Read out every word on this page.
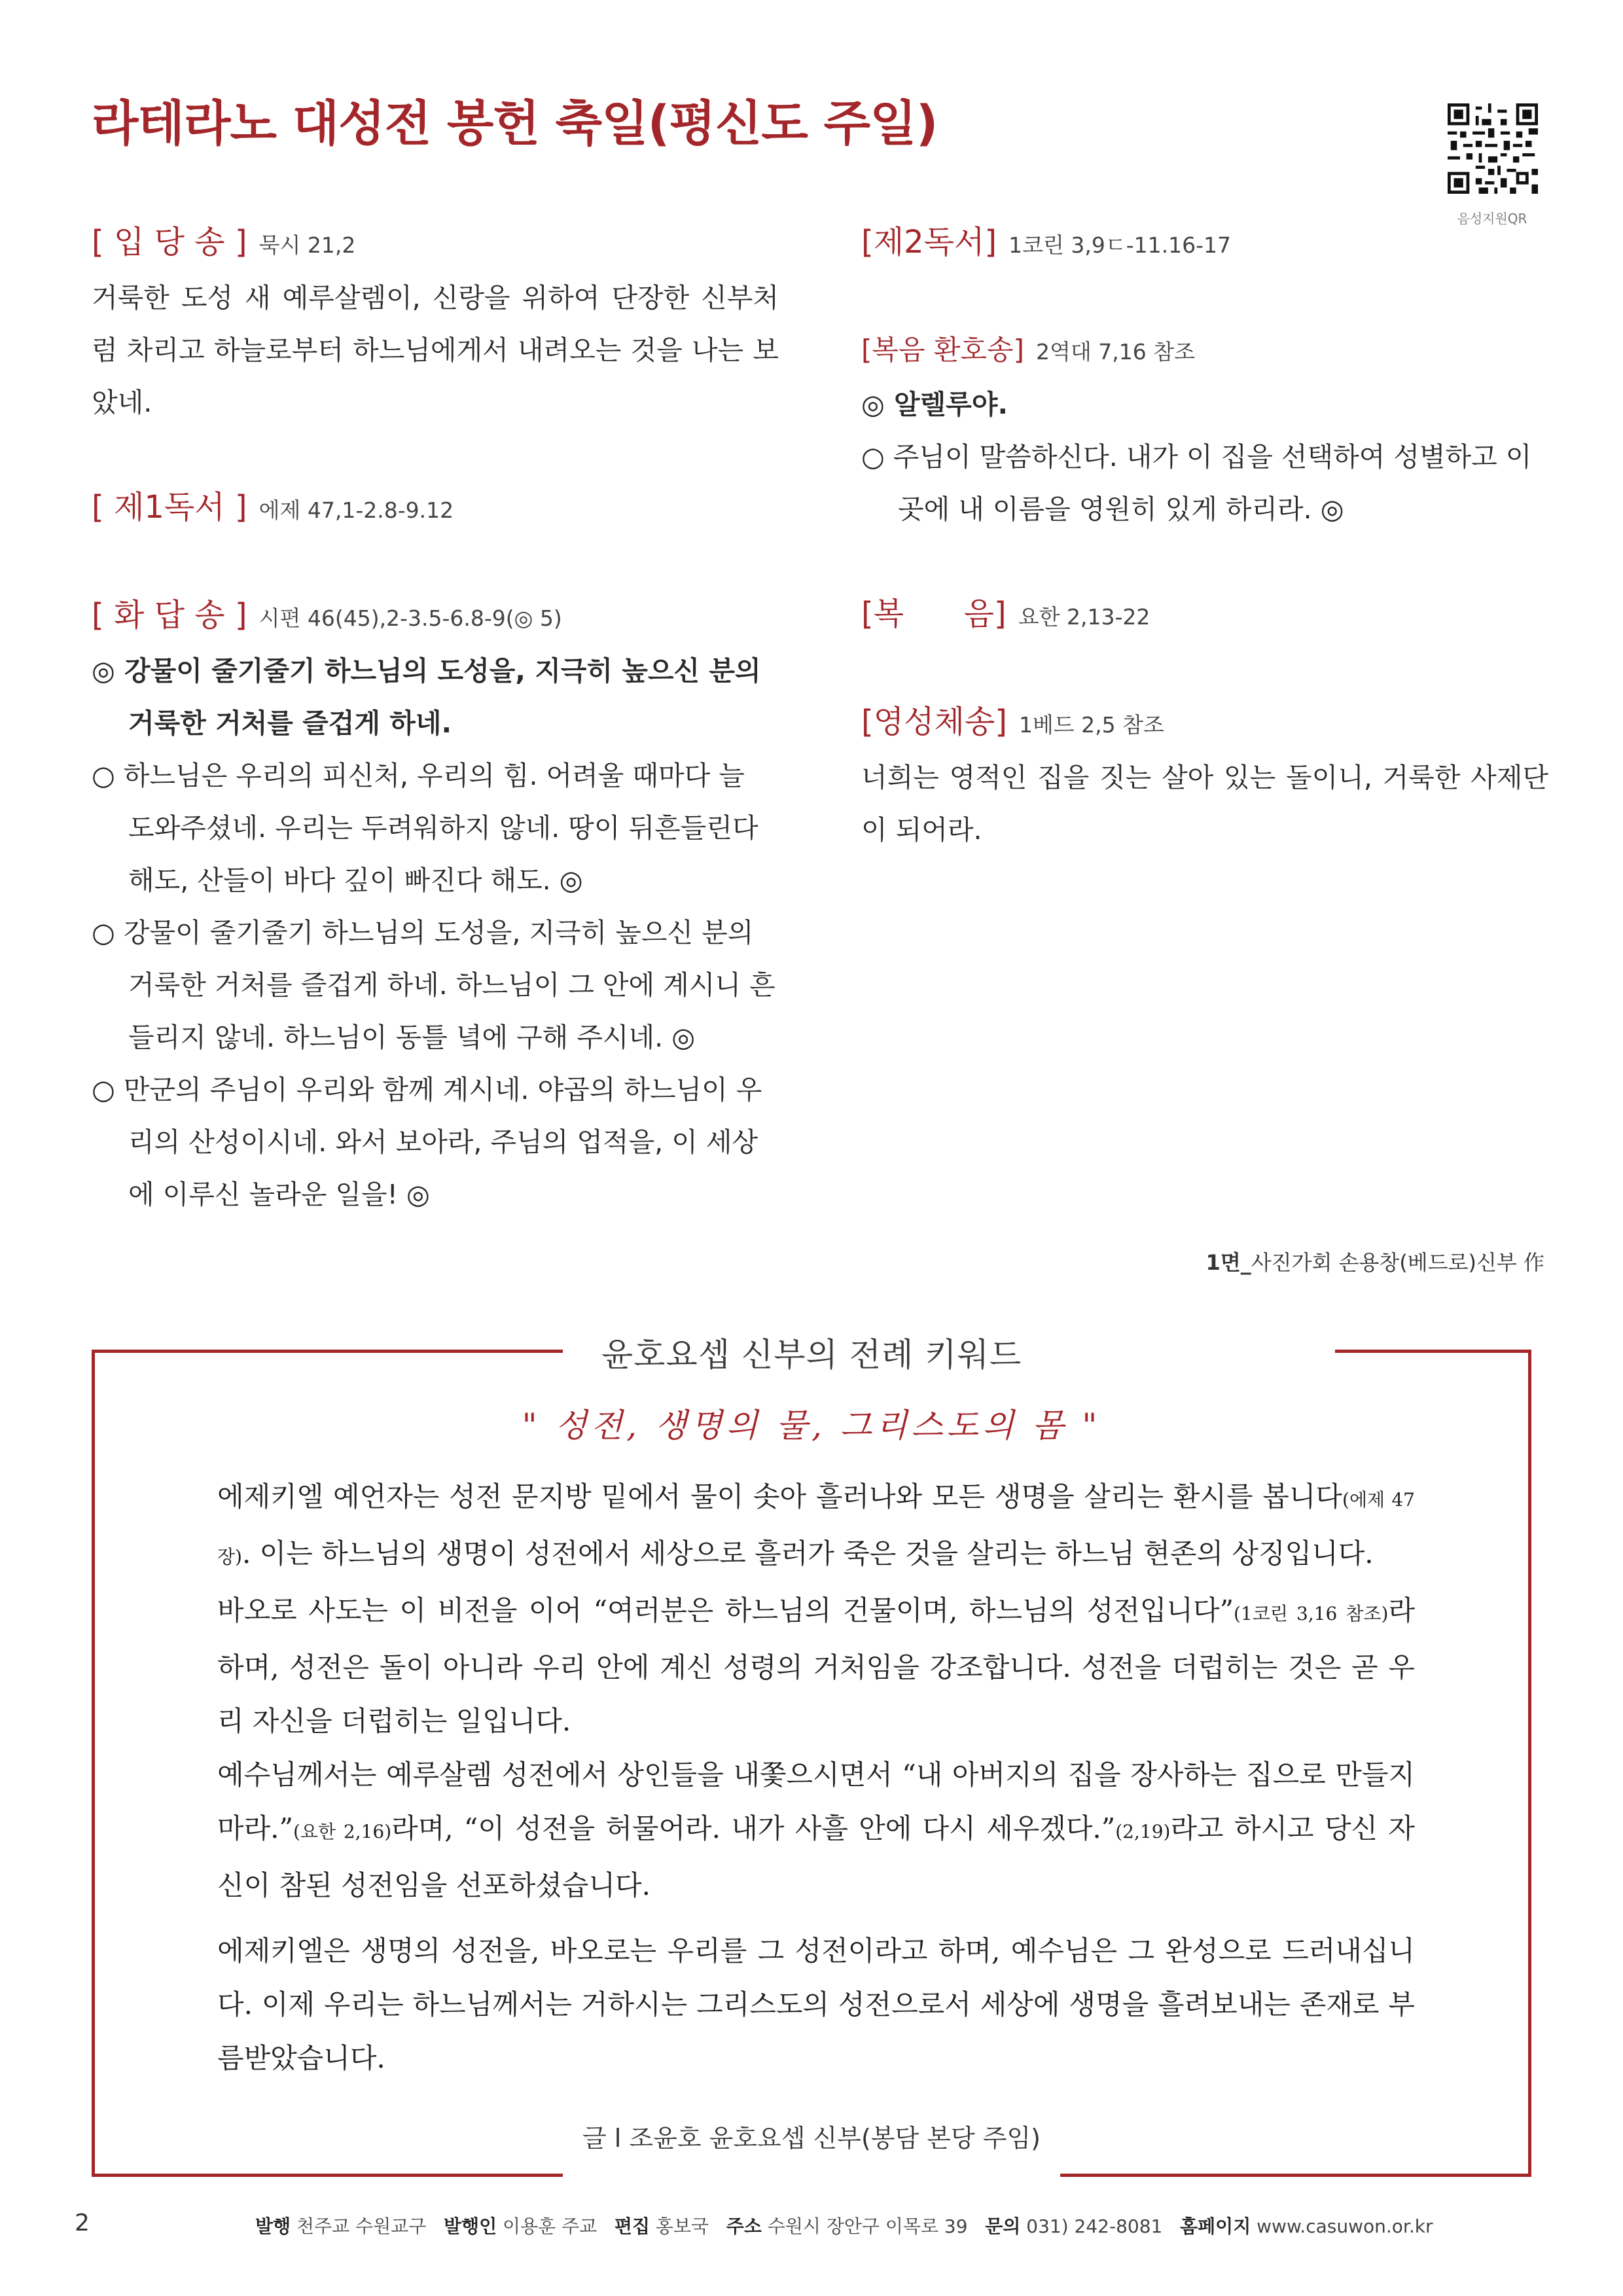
라테라노 대성전 봉헌 축일(평신도 주일)
음성지원QR

[ 입 당 송 ] 묵시 21,2

거룩한 도성 새 예루살렘이, 신랑을 위하여 단장한 신부처럼 차리고 하늘로부터 하느님에게서 내려오는 것을 나는 보았네.

[ 제1독서 ] 에제 47,1-2.8-9.12

[ 화 답 송 ] 시편 46(45),2-3.5-6.8-9(◎ 5)

◎ 강물이 줄기줄기 하느님의 도성을, 지극히 높으신 분의 거룩한 거처를 즐겁게 하네.

○ 하느님은 우리의 피신처, 우리의 힘. 어려울 때마다 늘 도와주셨네. 우리는 두려워하지 않네. 땅이 뒤흔들린다 해도, 산들이 바다 깊이 빠진다 해도. ◎

○ 강물이 줄기줄기 하느님의 도성을, 지극히 높으신 분의 거룩한 거처를 즐겁게 하네. 하느님이 그 안에 계시니 흔들리지 않네. 하느님이 동틀 녘에 구해 주시네. ◎

○ 만군의 주님이 우리와 함께 계시네. 야곱의 하느님이 우리의 산성이시네. 와서 보아라, 주님의 업적을, 이 세상에 이루신 놀라운 일을! ◎

[제2독서] 1코린 3,9ㄷ-11.16-17

[복음 환호송] 2역대 7,16 참조

◎ 알렐루야.

○ 주님이 말씀하신다. 내가 이 집을 선택하여 성별하고 이곳에 내 이름을 영원히 있게 하리라. ◎

[복      음] 요한 2,13-22

[영성체송] 1베드 2,5 참조

너희는 영적인 집을 짓는 살아 있는 돌이니, 거룩한 사제단이 되어라.

1면_사진가회 손용창(베드로)신부 作
윤호요셉 신부의 전례 키워드
" 성전, 생명의 물, 그리스도의 몸 "

에제키엘 예언자는 성전 문지방 밑에서 물이 솟아 흘러나와 모든 생명을 살리는 환시를 봅니다(에제 47장). 이는 하느님의 생명이 성전에서 세상으로 흘러가 죽은 것을 살리는 하느님 현존의 상징입니다.

바오로 사도는 이 비전을 이어 “여러분은 하느님의 건물이며, 하느님의 성전입니다”(1코린 3,16 참조)라 하며, 성전은 돌이 아니라 우리 안에 계신 성령의 거처임을 강조합니다. 성전을 더럽히는 것은 곧 우리 자신을 더럽히는 일입니다.

예수님께서는 예루살렘 성전에서 상인들을 내쫓으시면서 “내 아버지의 집을 장사하는 집으로 만들지 마라.”(요한 2,16)라며, “이 성전을 허물어라. 내가 사흘 안에 다시 세우겠다.”(2,19)라고 하시고 당신 자신이 참된 성전임을 선포하셨습니다.

에제키엘은 생명의 성전을, 바오로는 우리를 그 성전이라고 하며, 예수님은 그 완성으로 드러내십니다. 이제 우리는 하느님께서는 거하시는 그리스도의 성전으로서 세상에 생명을 흘려보내는 존재로 부름받았습니다.

글 l 조윤호 윤호요셉 신부(봉담 본당 주임)
2	발행 천주교 수원교구 발행인 이용훈 주교 편집 홍보국 주소 수원시 장안구 이목로 39 문의 031) 242-8081 홈페이지 www.casuwon.or.kr
